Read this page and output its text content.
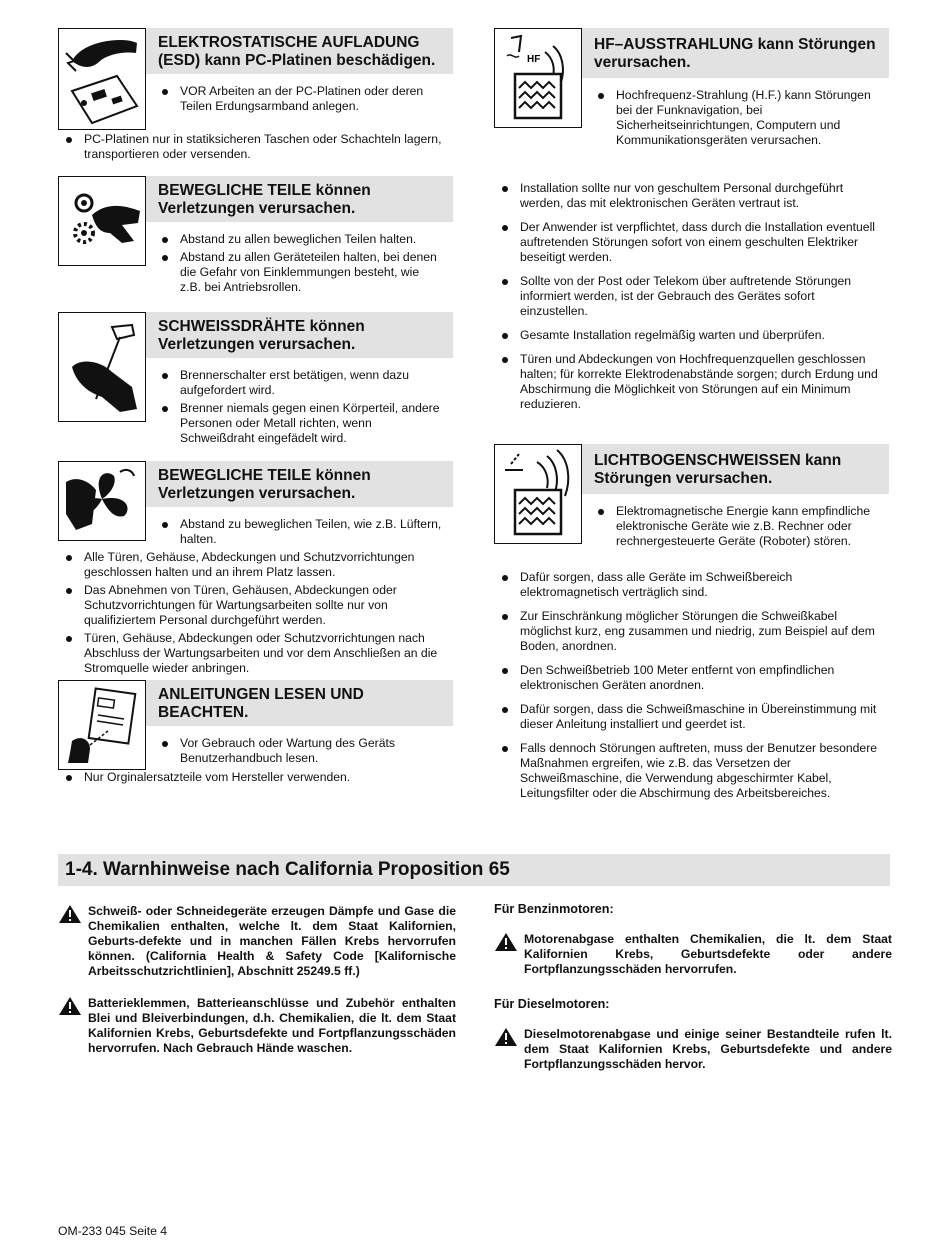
ELEKTROSTATISCHE AUFLADUNG (ESD) kann PC-Platinen beschädigen.
VOR Arbeiten an der PC-Platinen oder deren Teilen Erdungsarmband anlegen.
PC-Platinen nur in statiksicheren Taschen oder Schachteln lagern, transportieren oder versenden.
BEWEGLICHE TEILE können Verletzungen verursachen.
Abstand zu allen beweglichen Teilen halten.
Abstand zu allen Geräteteilen halten, bei denen die Gefahr von Einklemmungen besteht, wie z.B. bei Antriebsrollen.
SCHWEISSDRÄHTE können Verletzungen verursachen.
Brennerschalter erst betätigen, wenn dazu aufgefordert wird.
Brenner niemals gegen einen Körperteil, andere Personen oder Metall richten, wenn Schweißdraht eingefädelt wird.
BEWEGLICHE TEILE können Verletzungen verursachen.
Abstand zu beweglichen Teilen, wie z.B. Lüftern, halten.
Alle Türen, Gehäuse, Abdeckungen und Schutzvorrichtungen geschlossen halten und an ihrem Platz lassen.
Das Abnehmen von Türen, Gehäusen, Abdeckungen oder Schutzvorrichtungen für Wartungsarbeiten sollte nur von qualifiziertem Personal durchgeführt werden.
Türen, Gehäuse, Abdeckungen oder Schutzvorrichtungen nach Abschluss der Wartungsarbeiten und vor dem Anschließen an die Stromquelle wieder anbringen.
ANLEITUNGEN LESEN UND BEACHTEN.
Vor Gebrauch oder Wartung des Geräts Benutzerhandbuch lesen.
Nur Orginalersatzteile vom Hersteller verwenden.
HF
HF–AUSSTRAHLUNG kann Störungen verursachen.
Hochfrequenz-Strahlung (H.F.) kann Störungen bei der Funknavigation, bei Sicherheitseinrichtungen, Computern und Kommunikationsgeräten verursachen.
Installation sollte nur von geschultem Personal durchgeführt werden, das mit elektronischen Geräten vertraut ist.
Der Anwender ist verpflichtet, dass durch die Installation eventuell auftretenden Störungen sofort von einem geschulten Elektriker beseitigt werden.
Sollte von der Post oder Telekom über auftretende Störungen informiert werden, ist der Gebrauch des Gerätes sofort einzustellen.
Gesamte Installation regelmäßig warten und überprüfen.
Türen und Abdeckungen von Hochfrequenzquellen geschlossen halten; für korrekte Elektrodenabstände sorgen; durch Erdung und Abschirmung die Möglichkeit von Störungen auf ein Minimum reduzieren.
LICHTBOGENSCHWEISSEN kann Störungen verursachen.
Elektromagnetische Energie kann empfindliche elektronische Geräte wie z.B. Rechner oder rechnergesteuerte Geräte (Roboter) stören.
Dafür sorgen, dass alle Geräte im Schweißbereich elektromagnetisch verträglich sind.
Zur Einschränkung möglicher Störungen die Schweißkabel möglichst kurz, eng zusammen und niedrig, zum Beispiel auf dem Boden, anordnen.
Den Schweißbetrieb 100 Meter entfernt von empfindlichen elektronischen Geräten anordnen.
Dafür sorgen, dass die Schweißmaschine in Übereinstimmung mit dieser Anleitung installiert und geerdet ist.
Falls dennoch Störungen auftreten, muss der Benutzer besondere Maßnahmen ergreifen, wie z.B. das Versetzen der Schweißmaschine, die Verwendung abgeschirmter Kabel, Leitungsfilter oder die Abschirmung des Arbeitsbereiches.
1-4. Warnhinweise nach California Proposition 65

Schweiß- oder Schneidegeräte erzeugen Dämpfe und Gase die Chemikalien enthalten, welche lt. dem Staat Kalifornien, Geburts-defekte und in manchen Fällen Krebs hervorrufen können. (California Health & Safety Code [Kalifornische Arbeitsschutzrichtlinien], Abschnitt 25249.5 ff.)

Batterieklemmen, Batterieanschlüsse und Zubehör enthalten Blei und Bleiverbindungen, d.h. Chemikalien, die lt. dem Staat Kalifornien Krebs, Geburtsdefekte und Fortpflanzungsschäden hervorrufen. Nach Gebrauch Hände waschen.

Für Benzinmotoren:

Motorenabgase enthalten Chemikalien, die lt. dem Staat Kalifornien Krebs, Geburtsdefekte oder andere Fortpflanzungsschäden hervorrufen.

Für Dieselmotoren:

Dieselmotorenabgase und einige seiner Bestandteile rufen lt. dem Staat Kalifornien Krebs, Geburtsdefekte und andere Fortpflanzungsschäden hervor.

OM-233 045 Seite 4
